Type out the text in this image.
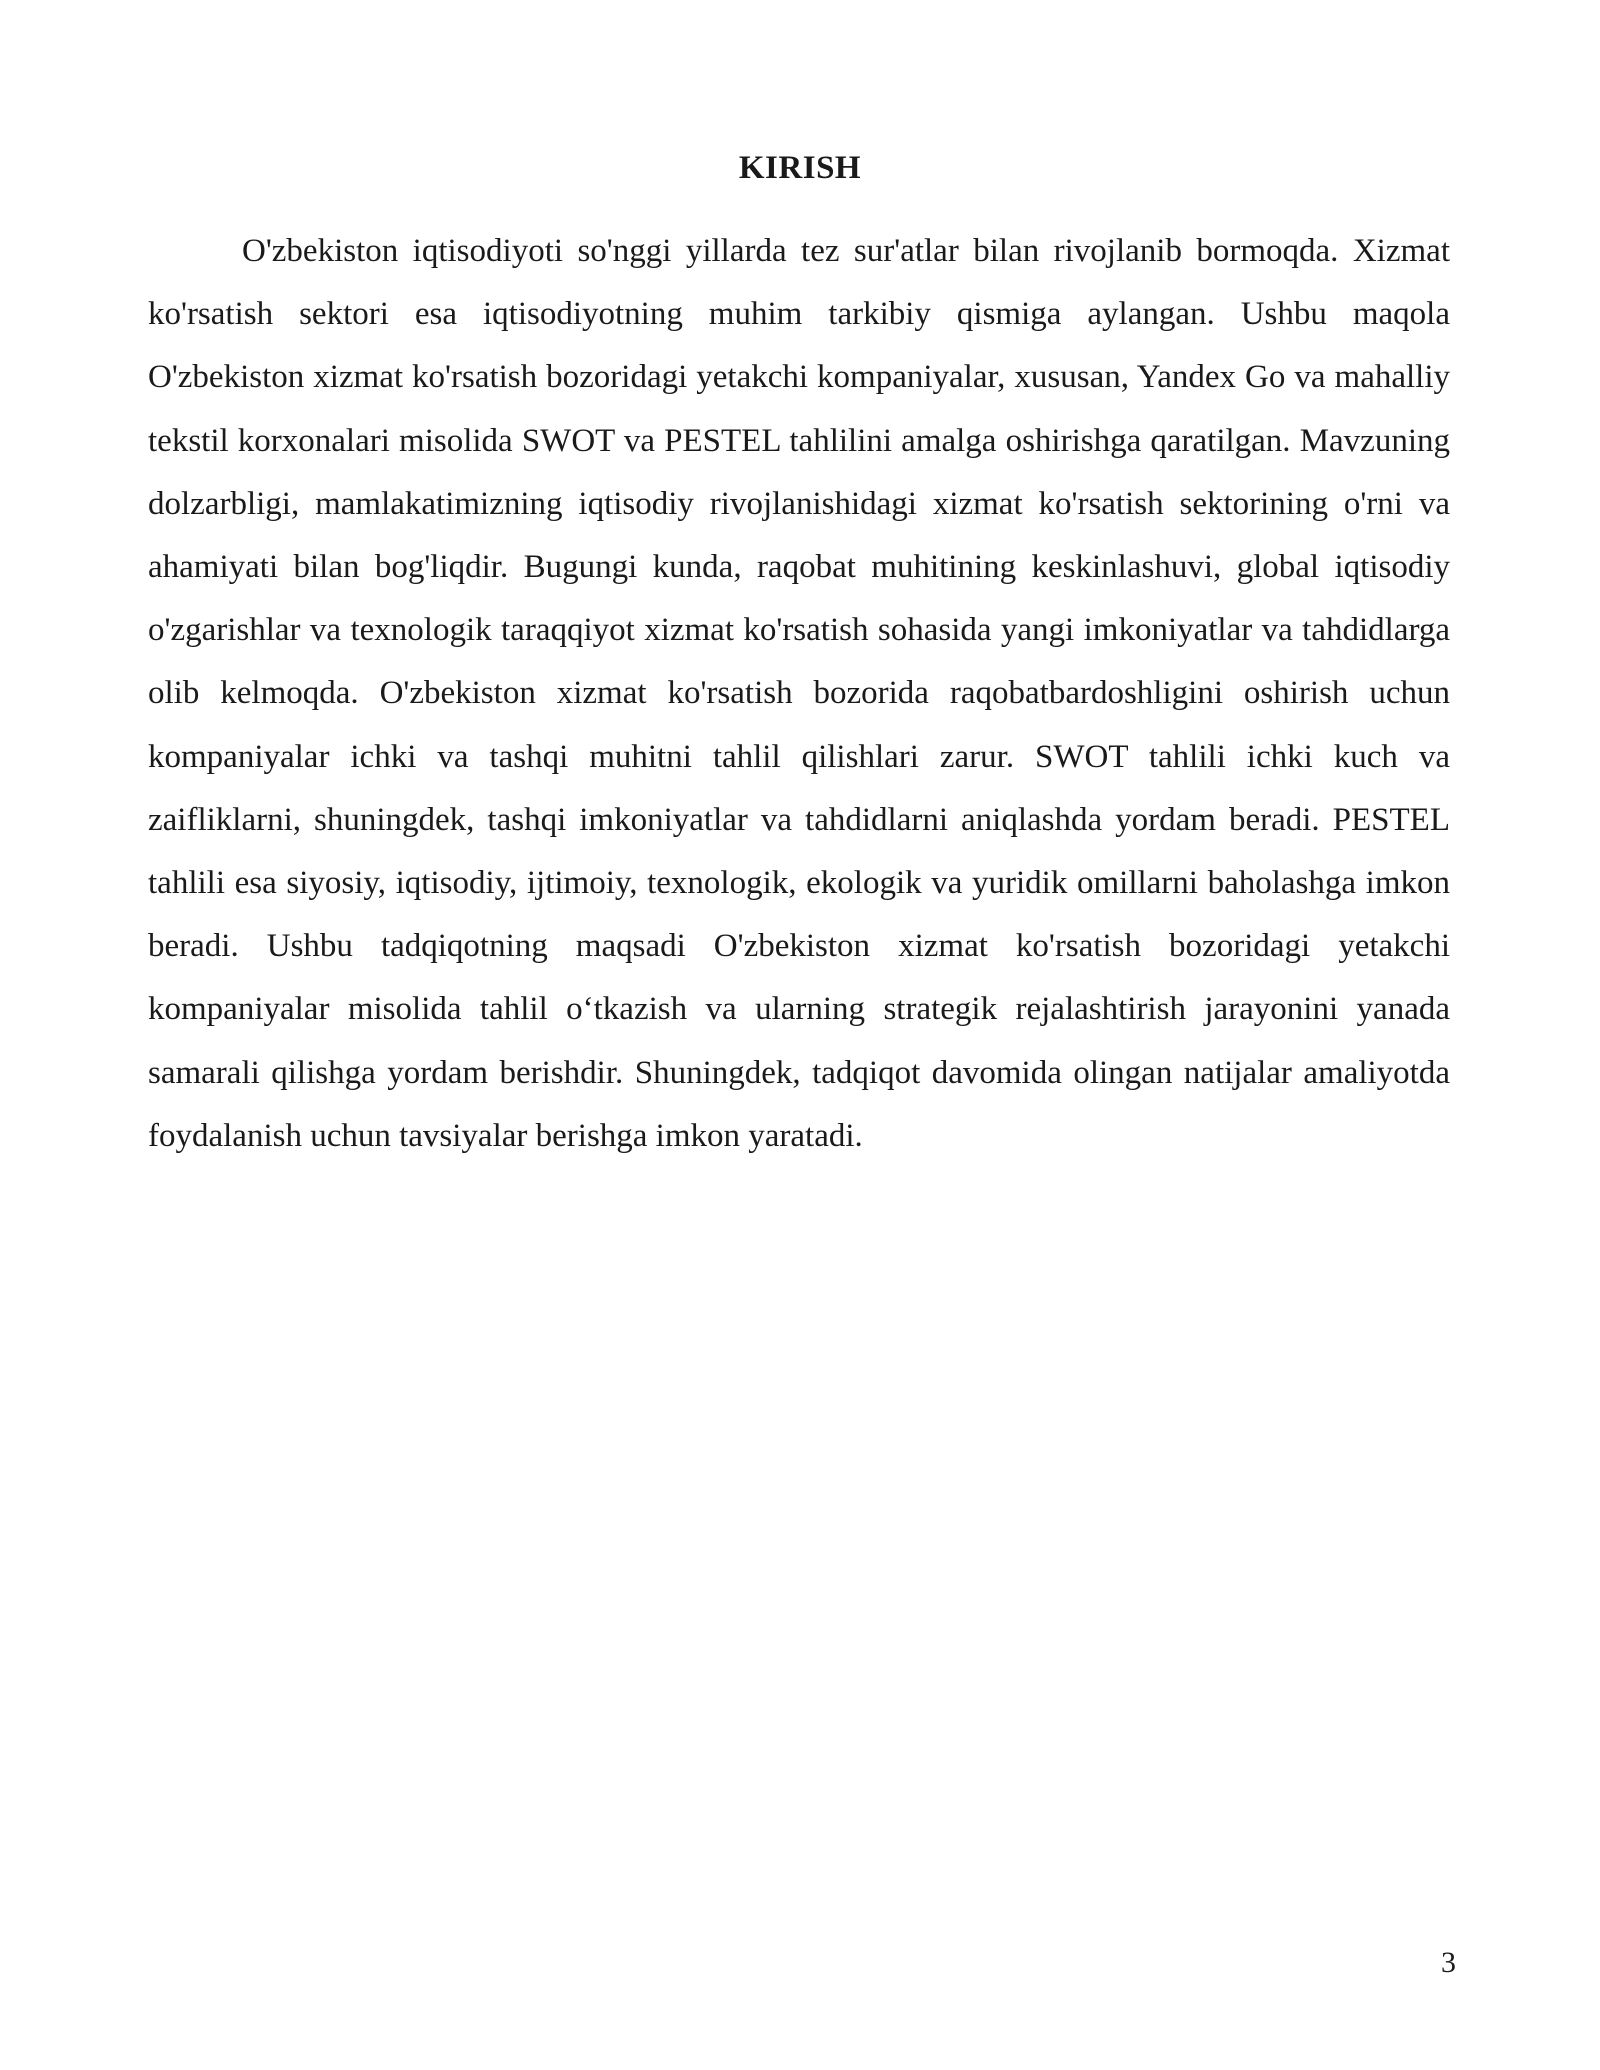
KIRISH

O'zbekiston iqtisodiyoti so'nggi yillarda tez sur'atlar bilan rivojlanib bormoqda. Xizmat ko'rsatish sektori esa iqtisodiyotning muhim tarkibiy qismiga aylangan. Ushbu maqola O'zbekiston xizmat ko'rsatish bozoridagi yetakchi kompaniyalar, xususan, Yandex Go va mahalliy tekstil korxonalari misolida SWOT va PESTEL tahlilini amalga oshirishga qaratilgan. Mavzuning dolzarbligi, mamlakatimizning iqtisodiy rivojlanishidagi xizmat ko'rsatish sektorining o'rni va ahamiyati bilan bog'liqdir. Bugungi kunda, raqobat muhitining keskinlashuvi, global iqtisodiy o'zgarishlar va texnologik taraqqiyot xizmat ko'rsatish sohasida yangi imkoniyatlar va tahdidlarga olib kelmoqda. O'zbekiston xizmat ko'rsatish bozorida raqobatbardoshligini oshirish uchun kompaniyalar ichki va tashqi muhitni tahlil qilishlari zarur. SWOT tahlili ichki kuch va zaifliklarni, shuningdek, tashqi imkoniyatlar va tahdidlarni aniqlashda yordam beradi. PESTEL tahlili esa siyosiy, iqtisodiy, ijtimoiy, texnologik, ekologik va yuridik omillarni baholashga imkon beradi. Ushbu tadqiqotning maqsadi O'zbekiston xizmat ko'rsatish bozoridagi yetakchi kompaniyalar misolida tahlil o‘tkazish va ularning strategik rejalashtirish jarayonini yanada samarali qilishga yordam berishdir. Shuningdek, tadqiqot davomida olingan natijalar amaliyotda foydalanish uchun tavsiyalar berishga imkon yaratadi.

3
